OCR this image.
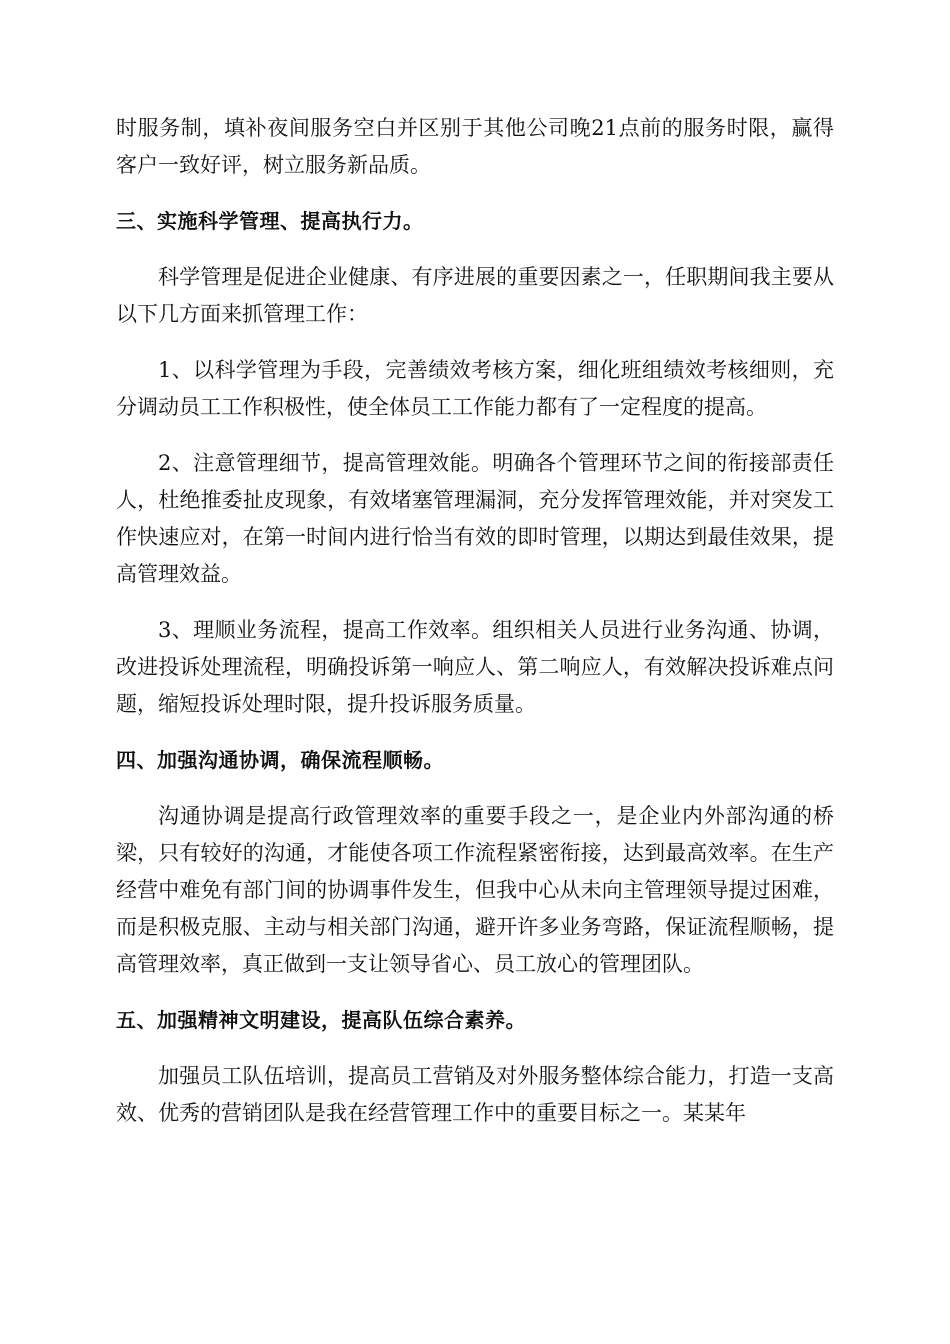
时服务制，填补夜间服务空白并区别于其他公司晚21点前的服务时限，赢得客户一致好评，树立服务新品质。

三、实施科学管理、提高执行力。

科学管理是促进企业健康、有序进展的重要因素之一，任职期间我主要从以下几方面来抓管理工作：

1、以科学管理为手段，完善绩效考核方案，细化班组绩效考核细则，充分调动员工工作积极性，使全体员工工作能力都有了一定程度的提高。

2、注意管理细节，提高管理效能。明确各个管理环节之间的衔接部责任人，杜绝推委扯皮现象，有效堵塞管理漏洞，充分发挥管理效能，并对突发工作快速应对，在第一时间内进行恰当有效的即时管理，以期达到最佳效果，提高管理效益。

3、理顺业务流程，提高工作效率。组织相关人员进行业务沟通、协调，改进投诉处理流程，明确投诉第一响应人、第二响应人，有效解决投诉难点问题，缩短投诉处理时限，提升投诉服务质量。

四、加强沟通协调，确保流程顺畅。

沟通协调是提高行政管理效率的重要手段之一，是企业内外部沟通的桥梁，只有较好的沟通，才能使各项工作流程紧密衔接，达到最高效率。在生产经营中难免有部门间的协调事件发生，但我中心从未向主管理领导提过困难，而是积极克服、主动与相关部门沟通，避开许多业务弯路，保证流程顺畅，提高管理效率，真正做到一支让领导省心、员工放心的管理团队。

五、加强精神文明建设，提高队伍综合素养。

加强员工队伍培训，提高员工营销及对外服务整体综合能力，打造一支高效、优秀的营销团队是我在经营管理工作中的重要目标之一。某某年
